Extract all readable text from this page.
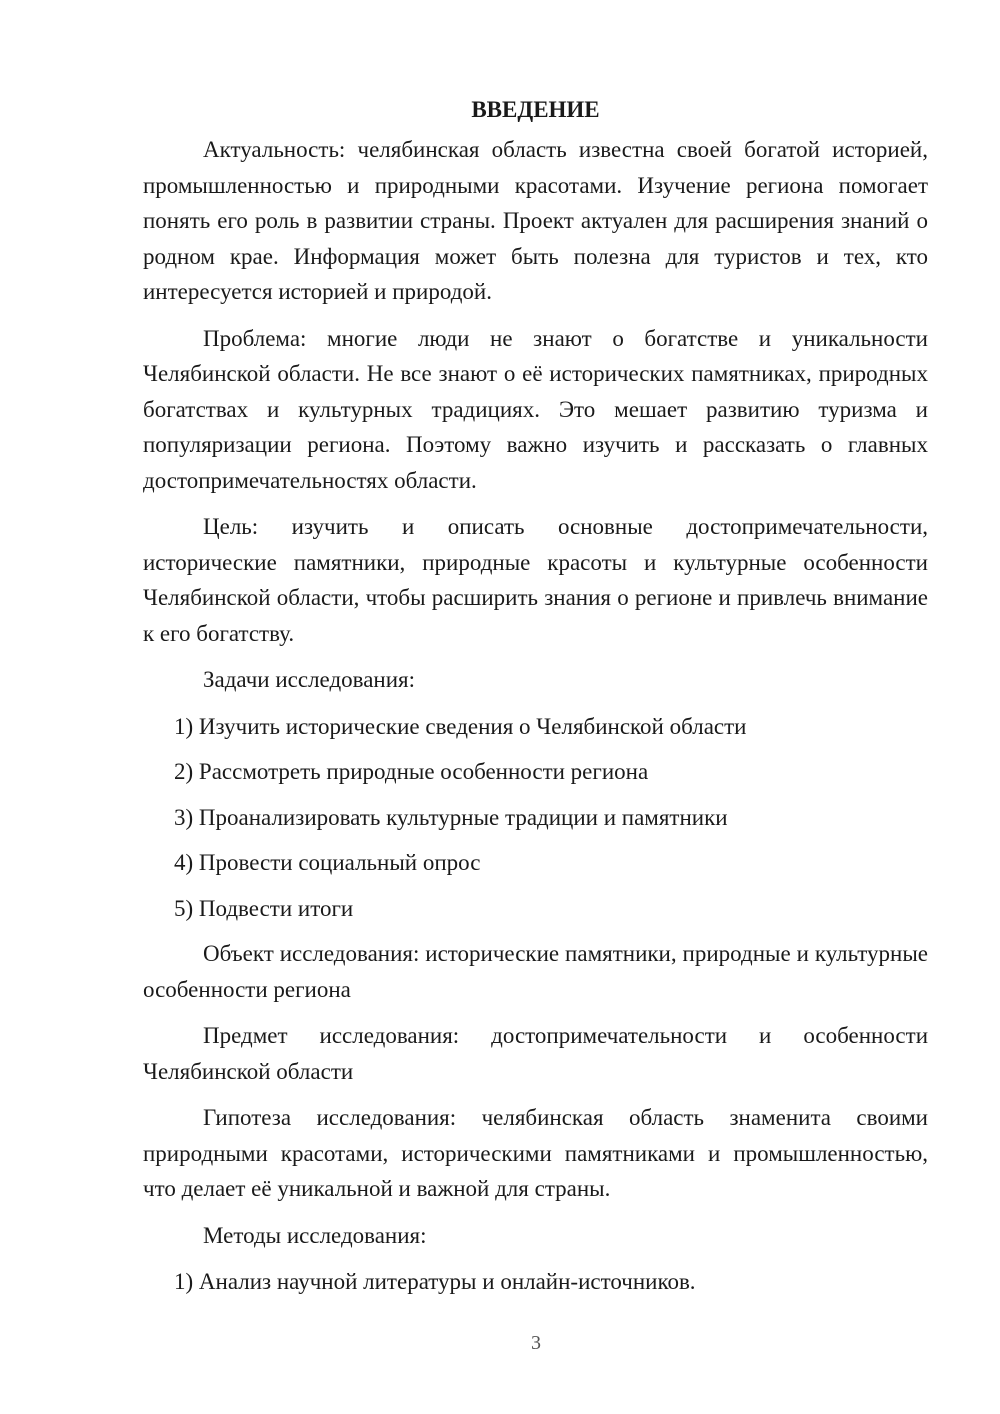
ВВЕДЕНИЕ

Актуальность: челябинская область известна своей богатой историей, промышленностью и природными красотами. Изучение региона помогает понять его роль в развитии страны. Проект актуален для расширения знаний о родном крае. Информация может быть полезна для туристов и тех, кто интересуется историей и природой.

Проблема: многие люди не знают о богатстве и уникальности Челябинской области. Не все знают о её исторических памятниках, природных богатствах и культурных традициях. Это мешает развитию туризма и популяризации региона. Поэтому важно изучить и рассказать о главных достопримечательностях области.

Цель: изучить и описать основные достопримечательности, исторические памятники, природные красоты и культурные особенности Челябинской области, чтобы расширить знания о регионе и привлечь внимание к его богатству.

Задачи исследования:
1) Изучить исторические сведения о Челябинской области
2) Рассмотреть природные особенности региона
3) Проанализировать культурные традиции и памятники
4) Провести социальный опрос
5) Подвести итоги

Объект исследования: исторические памятники, природные и культурные особенности региона

Предмет исследования: достопримечательности и особенности Челябинской области

Гипотеза исследования: челябинская область знаменита своими природными красотами, историческими памятниками и промышленностью, что делает её уникальной и важной для страны.

Методы исследования:
1) Анализ научной литературы и онлайн-источников.
3
